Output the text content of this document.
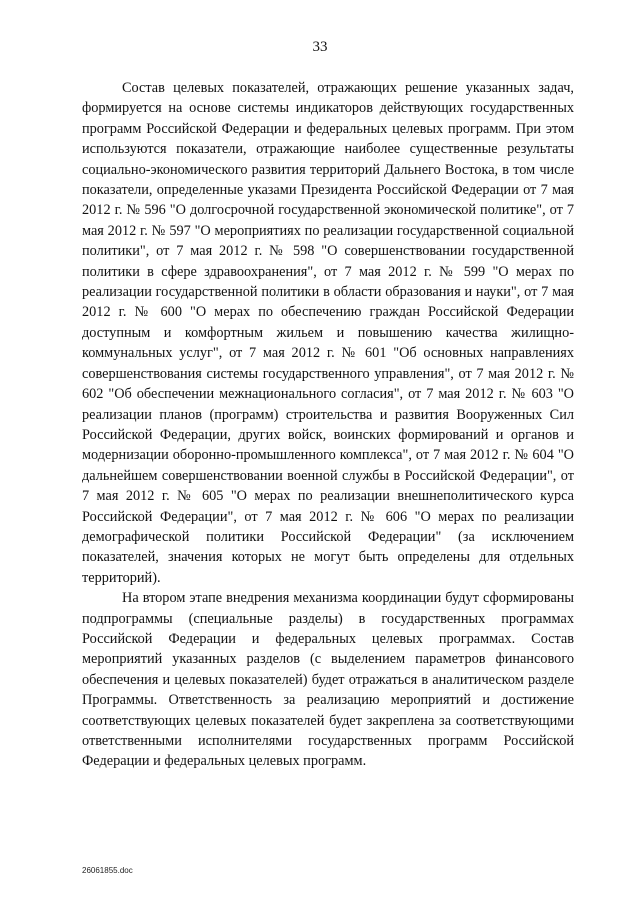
33

Состав целевых показателей, отражающих решение указанных задач, формируется на основе системы индикаторов действующих государственных программ Российской Федерации и федеральных целевых программ. При этом используются показатели, отражающие наиболее существенные результаты социально-экономического развития территорий Дальнего Востока, в том числе показатели, определенные указами Президента Российской Федерации от 7 мая 2012 г. № 596 "О долгосрочной государственной экономической политике", от 7 мая 2012 г. № 597 "О мероприятиях по реализации государственной социальной политики", от 7 мая 2012 г. № 598 "О совершенствовании государственной политики в сфере здравоохранения", от 7 мая 2012 г. № 599 "О мерах по реализации государственной политики в области образования и науки", от 7 мая 2012 г. № 600 "О мерах по обеспечению граждан Российской Федерации доступным и комфортным жильем и повышению качества жилищно-коммунальных услуг", от 7 мая 2012 г. № 601 "Об основных направлениях совершенствования системы государственного управления", от 7 мая 2012 г. № 602 "Об обеспечении межнационального согласия", от 7 мая 2012 г. № 603 "О реализации планов (программ) строительства и развития Вооруженных Сил Российской Федерации, других войск, воинских формирований и органов и модернизации оборонно-промышленного комплекса", от 7 мая 2012 г. № 604 "О дальнейшем совершенствовании военной службы в Российской Федерации", от 7 мая 2012 г. № 605 "О мерах по реализации внешнеполитического курса Российской Федерации", от 7 мая 2012 г. № 606 "О мерах по реализации демографической политики Российской Федерации" (за исключением показателей, значения которых не могут быть определены для отдельных территорий).

На втором этапе внедрения механизма координации будут сформированы подпрограммы (специальные разделы) в государственных программах Российской Федерации и федеральных целевых программах. Состав мероприятий указанных разделов (с выделением параметров финансового обеспечения и целевых показателей) будет отражаться в аналитическом разделе Программы. Ответственность за реализацию мероприятий и достижение соответствующих целевых показателей будет закреплена за соответствующими ответственными исполнителями государственных программ Российской Федерации и федеральных целевых программ.

26061855.doc
